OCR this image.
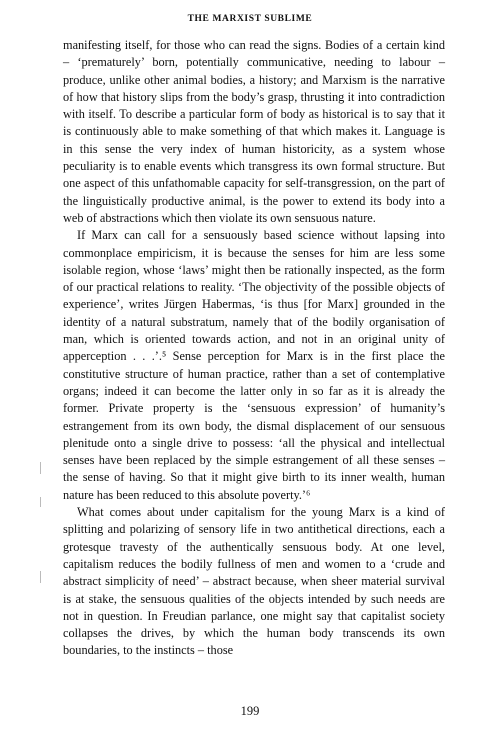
THE MARXIST SUBLIME

manifesting itself, for those who can read the signs. Bodies of a certain kind – ‘prematurely’ born, potentially communicative, needing to labour – produce, unlike other animal bodies, a history; and Marxism is the narrative of how that history slips from the body’s grasp, thrusting it into contradiction with itself. To describe a particular form of body as historical is to say that it is continuously able to make something of that which makes it. Language is in this sense the very index of human historicity, as a system whose peculiarity is to enable events which transgress its own formal structure. But one aspect of this unfathomable capacity for self-transgression, on the part of the linguistically productive animal, is the power to extend its body into a web of abstractions which then violate its own sensuous nature.

If Marx can call for a sensuously based science without lapsing into commonplace empiricism, it is because the senses for him are less some isolable region, whose ‘laws’ might then be rationally inspected, as the form of our practical relations to reality. ‘The objectivity of the possible objects of experience’, writes Jürgen Habermas, ‘is thus [for Marx] grounded in the identity of a natural substratum, namely that of the bodily organisation of man, which is oriented towards action, and not in an original unity of apperception . . .’.⁵ Sense perception for Marx is in the first place the constitutive structure of human practice, rather than a set of contemplative organs; indeed it can become the latter only in so far as it is already the former. Private property is the ‘sensuous expression’ of humanity’s estrangement from its own body, the dismal displacement of our sensuous plenitude onto a single drive to possess: ‘all the physical and intellectual senses have been replaced by the simple estrangement of all these senses – the sense of having. So that it might give birth to its inner wealth, human nature has been reduced to this absolute poverty.’⁶

What comes about under capitalism for the young Marx is a kind of splitting and polarizing of sensory life in two antithetical directions, each a grotesque travesty of the authentically sensuous body. At one level, capitalism reduces the bodily fullness of men and women to a ‘crude and abstract simplicity of need’ – abstract because, when sheer material survival is at stake, the sensuous qualities of the objects intended by such needs are not in question. In Freudian parlance, one might say that capitalist society collapses the drives, by which the human body transcends its own boundaries, to the instincts – those

199
